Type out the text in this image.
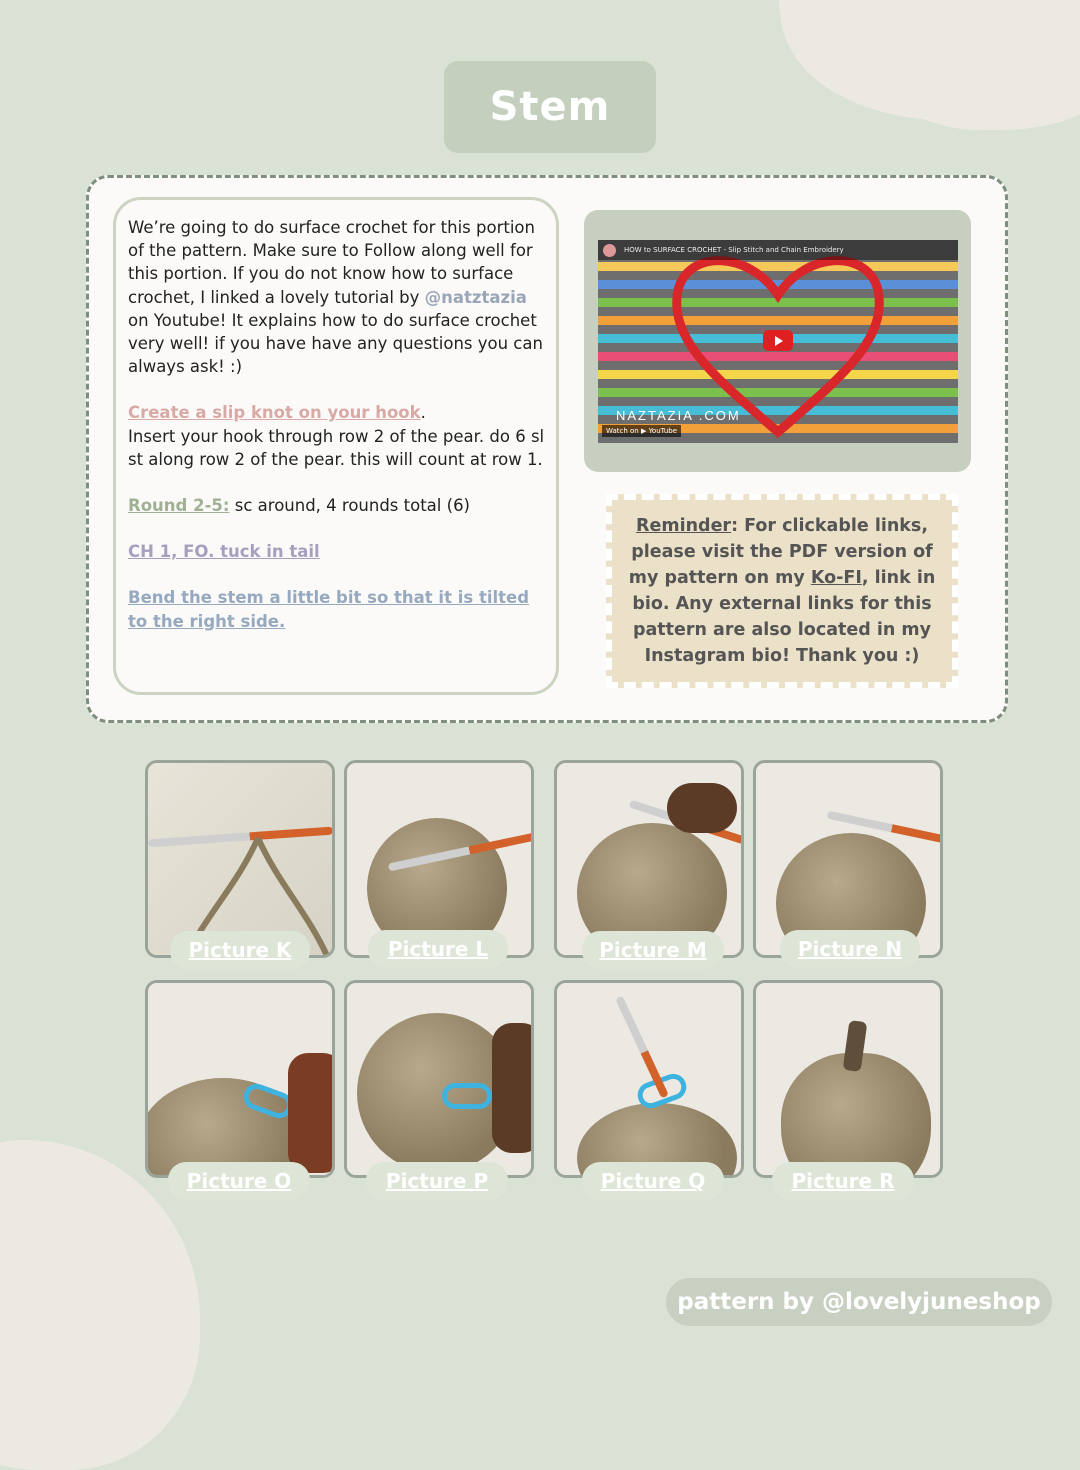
Stem

We’re going to do surface crochet for this portion of the pattern. Make sure to Follow along well for this portion. If you do not know how to surface crochet, I linked a lovely tutorial by @natztazia on Youtube! It explains how to do surface crochet very well! if you have have any questions you can always ask! :)

Create a slip knot on your hook.
Insert your hook through row 2 of the pear. do 6 sl st along row 2 of the pear. this will count at row 1.

Round 2-5: sc around, 4 rounds total (6)

CH 1, FO. tuck in tail

Bend the stem a little bit so that it is tilted to the right side.

HOW to SURFACE CROCHET - Slip Stitch and Chain Embroidery
NAZTAZIA .COM
Watch on ▶ YouTube
Reminder: For clickable links, please visit the PDF version of my pattern on my Ko-FI, link in bio. Any external links for this pattern are also located in my Instagram bio! Thank you :)
Picture K	Picture L	Picture M	Picture N
Picture O	Picture P	Picture Q	Picture R
pattern by @lovelyjuneshop
